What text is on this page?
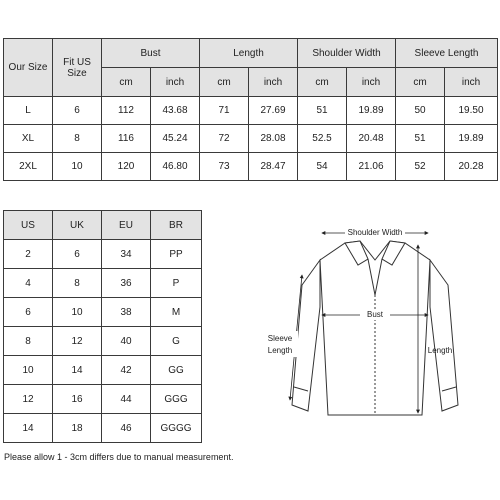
Our Size	Fit US Size	Bust		Length		Shoulder Width		Sleeve Length	
		cm	inch	cm	inch	cm	inch	cm	inch
L	6	112	43.68	71	27.69	51	19.89	50	19.50
XL	8	116	45.24	72	28.08	52.5	20.48	51	19.89
2XL	10	120	46.80	73	28.47	54	21.06	52	20.28
US	UK	EU	BR
2	6	34	PP
4	8	36	P
6	10	38	M
8	12	40	G
10	14	42	GG
12	16	44	GGG
14	18	46	GGGG
Shoulder Width
Bust
Sleeve
Length	Length
Please allow 1 - 3cm differs due to manual measurement.
